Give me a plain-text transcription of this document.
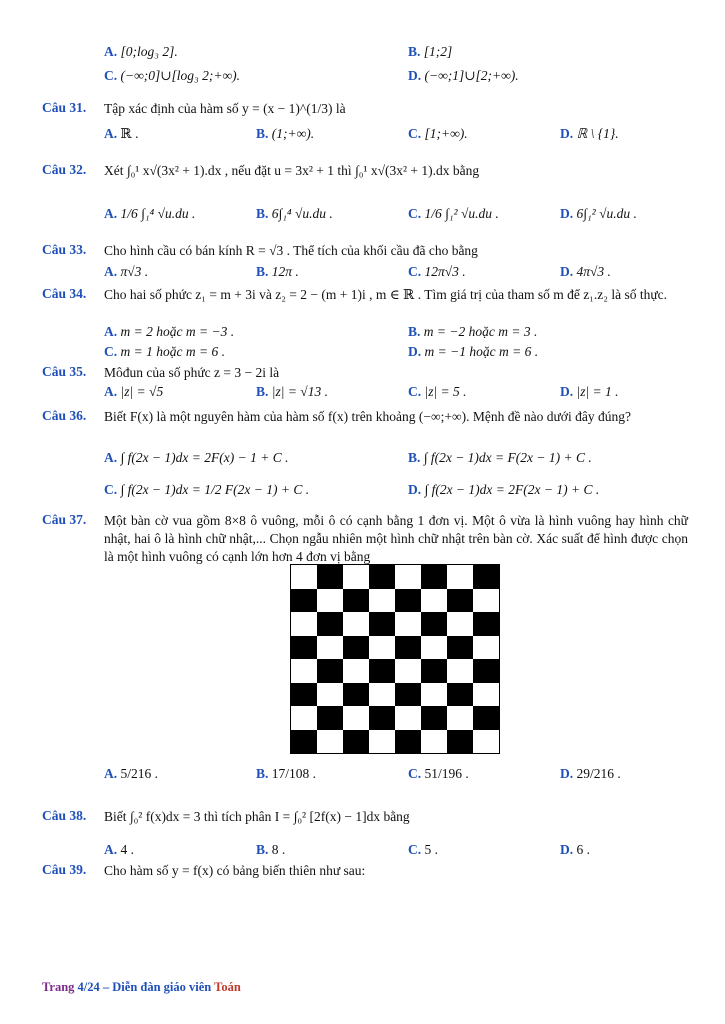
A. [0;log₃ 2].	B. [1;2]
C. (−∞;0]∪[log₃ 2;+∞).	D. (−∞;1]∪[2;+∞).
Câu 31. Tập xác định của hàm số y = (x − 1)^(1/3) là
A. ℝ .	B. (1;+∞).	C. [1;+∞).	D. ℝ \ {1}.
Câu 32. Xét ∫₀¹ x√(3x² + 1).dx , nếu đặt u = 3x² + 1 thì ∫₀¹ x√(3x² + 1).dx bằng
A. 1/6 ∫₁⁴ √u.du .	B. 6∫₁⁴ √u.du .	C. 1/6 ∫₁² √u.du .	D. 6∫₁² √u.du .
Câu 33. Cho hình cầu có bán kính R = √3 . Thể tích của khối cầu đã cho bằng
A. π√3 .	B. 12π .	C. 12π√3 .	D. 4π√3 .
Câu 34. Cho hai số phức z₁ = m + 3i và z₂ = 2 − (m + 1)i , m ∈ ℝ . Tìm giá trị của tham số m để z₁.z₂ là số thực.
A. m = 2 hoặc m = −3 .	B. m = −2 hoặc m = 3 .
C. m = 1 hoặc m = 6 .	D. m = −1 hoặc m = 6 .
Câu 35. Môđun của số phức z = 3 − 2i là
A. |z| = √5	B. |z| = √13 .	C. |z| = 5 .	D. |z| = 1 .
Câu 36. Biết F(x) là một nguyên hàm của hàm số f(x) trên khoảng (−∞;+∞). Mệnh đề nào dưới đây đúng?
A. ∫ f(2x − 1)dx = 2F(x) − 1 + C .	B. ∫ f(2x − 1)dx = F(2x − 1) + C .
C. ∫ f(2x − 1)dx = 1/2 F(2x − 1) + C .	D. ∫ f(2x − 1)dx = 2F(2x − 1) + C .
Câu 37. Một bàn cờ vua gồm 8×8 ô vuông, mỗi ô có cạnh bằng 1 đơn vị. Một ô vừa là hình vuông hay hình chữ nhật, hai ô là hình chữ nhật,... Chọn ngẫu nhiên một hình chữ nhật trên bàn cờ. Xác suất để hình được chọn là một hình vuông có cạnh lớn hơn 4 đơn vị bằng
A. 5/216 .	B. 17/108 .	C. 51/196 .	D. 29/216 .
Câu 38. Biết ∫₀² f(x)dx = 3 thì tích phân I = ∫₀² [2f(x) − 1]dx bằng
A. 4 .	B. 8 .	C. 5 .	D. 6 .
Câu 39. Cho hàm số y = f(x) có bảng biến thiên như sau:
Trang 4/24 – Diễn đàn giáo viên Toán
